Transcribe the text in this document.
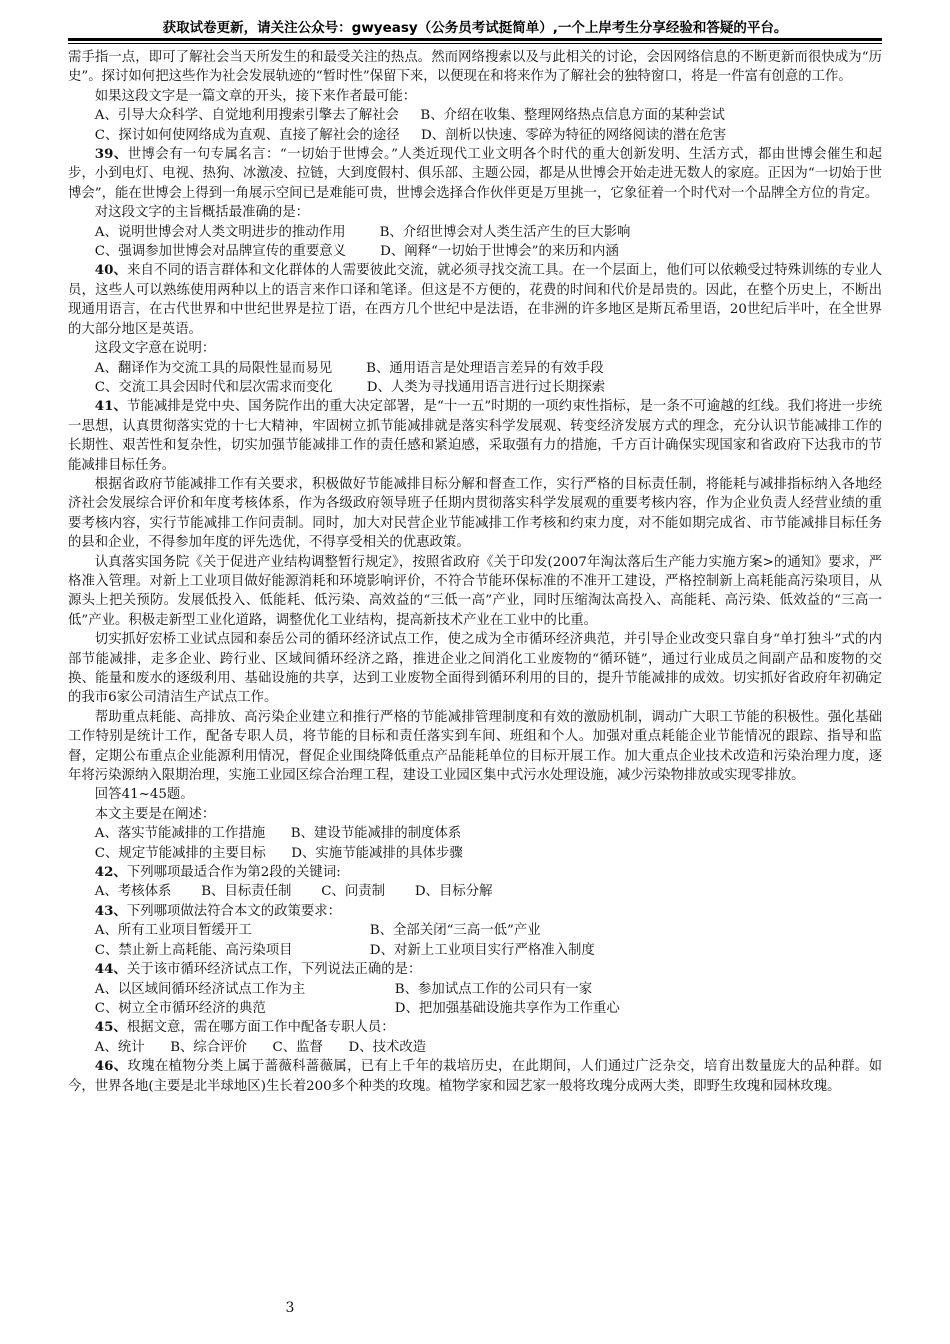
获取试卷更新，请关注公众号：gwyeasy（公务员考试挺简单）,一个上岸考生分享经验和答疑的平台。

需手指一点，即可了解社会当天所发生的和最受关注的热点。然而网络搜索以及与此相关的讨论，会因网络信息的不断更新而很快成为“历史”。探讨如何把这些作为社会发展轨迹的“暂时性”保留下来，以便现在和将来作为了解社会的独特窗口，将是一件富有创意的工作。

如果这段文字是一篇文章的开头，接下来作者最可能：

A、引导大众科学、自觉地利用搜索引擎去了解社会 B、介绍在收集、整理网络热点信息方面的某种尝试

C、探讨如何使网络成为直观、直接了解社会的途径 D、剖析以快速、零碎为特征的网络阅读的潜在危害

39、世博会有一句专属名言：“一切始于世博会。”人类近现代工业文明各个时代的重大创新发明、生活方式，都由世博会催生和起步，小到电灯、电视、热狗、冰激凌、拉链，大到度假村、俱乐部、主题公园，都是从世博会开始走进无数人的家庭。正因为“一切始于世博会”，能在世博会上得到一角展示空间已是难能可贵，世博会选择合作伙伴更是万里挑一，它象征着一个时代对一个品牌全方位的肯定。

对这段文字的主旨概括最准确的是：

A、说明世博会对人类文明进步的推动作用	B、介绍世博会对人类生活产生的巨大影响

C、强调参加世博会对品牌宣传的重要意义	D、阐释“一切始于世博会”的来历和内涵

40、来自不同的语言群体和文化群体的人需要彼此交流，就必须寻找交流工具。在一个层面上，他们可以依赖受过特殊训练的专业人员，这些人可以熟练使用两种以上的语言来作口译和笔译。但这是不方便的，花费的时间和代价是昂贵的。因此，在整个历史上，不断出现通用语言，在古代世界和中世纪世界是拉丁语，在西方几个世纪中是法语，在非洲的许多地区是斯瓦希里语，20世纪后半叶，在全世界的大部分地区是英语。

这段文字意在说明：

A、翻译作为交流工具的局限性显而易见	B、通用语言是处理语言差异的有效手段

C、交流工具会因时代和层次需求而变化	D、人类为寻找通用语言进行过长期探索

41、节能减排是党中央、国务院作出的重大决定部署，是“十一五”时期的一项约束性指标，是一条不可逾越的红线。我们将进一步统一思想，认真贯彻落实党的十七大精神，牢固树立抓节能减排就是落实科学发展观、转变经济发展方式的理念，充分认识节能减排工作的长期性、艰苦性和复杂性，切实加强节能减排工作的责任感和紧迫感，采取强有力的措施，千方百计确保实现国家和省政府下达我市的节能减排目标任务。

根据省政府节能减排工作有关要求，积极做好节能减排目标分解和督查工作，实行严格的目标责任制，将能耗与减排指标纳入各地经济社会发展综合评价和年度考核体系，作为各级政府领导班子任期内贯彻落实科学发展观的重要考核内容，作为企业负责人经营业绩的重要考核内容，实行节能减排工作问责制。同时，加大对民营企业节能减排工作考核和约束力度，对不能如期完成省、市节能减排目标任务的县和企业，不得参加年度的评先选优，不得享受相关的优惠政策。

认真落实国务院《关于促进产业结构调整暂行规定》，按照省政府《关于印发(2007年淘汰落后生产能力实施方案>的通知》要求，严格准入管理。对新上工业项目做好能源消耗和环境影响评价，不符合节能环保标准的不准开工建设，严格控制新上高耗能高污染项目，从源头上把关预防。发展低投入、低能耗、低污染、高效益的“三低一高”产业，同时压缩淘汰高投入、高能耗、高污染、低效益的“三高一低”产业。积极走新型工业化道路，调整优化工业结构，提高新技术产业在工业中的比重。

切实抓好宏桥工业试点园和泰岳公司的循环经济试点工作，使之成为全市循环经济典范，并引导企业改变只靠自身“单打独斗”式的内部节能减排，走多企业、跨行业、区域间循环经济之路，推进企业之间消化工业废物的“循环链”，通过行业成员之间副产品和废物的交换、能量和废水的逐级利用、基础设施的共享，达到工业废物全面得到循环利用的目的，提升节能减排的成效。切实抓好省政府年初确定的我市6家公司清洁生产试点工作。

帮助重点耗能、高排放、高污染企业建立和推行严格的节能减排管理制度和有效的激励机制，调动广大职工节能的积极性。强化基础工作特别是统计工作，配备专职人员，将节能的目标和责任落实到车间、班组和个人。加强对重点耗能企业节能情况的跟踪、指导和监督，定期公布重点企业能源利用情况，督促企业围绕降低重点产品能耗单位的目标开展工作。加大重点企业技术改造和污染治理力度，逐年将污染源纳入限期治理，实施工业园区综合治理工程，建设工业园区集中式污水处理设施，减少污染物排放或实现零排放。

回答41~45题。

本文主要是在阐述：

A、落实节能减排的工作措施 B、建设节能减排的制度体系

C、规定节能减排的主要目标 D、实施节能减排的具体步骤

42、下列哪项最适合作为第2段的关键词:

A、考核体系 B、目标责任制 C、问责制 D、目标分解

43、下列哪项做法符合本文的政策要求：

A、所有工业项目暂缓开工	B、全部关闭“三高一低”产业

C、禁止新上高耗能、高污染项目	D、对新上工业项目实行严格准入制度

44、关于该市循环经济试点工作，下列说法正确的是：

A、以区域间循环经济试点工作为主	B、参加试点工作的公司只有一家

C、树立全市循环经济的典范	D、把加强基础设施共享作为工作重心

45、根据文意，需在哪方面工作中配备专职人员：

A、统计 B、综合评价 C、监督 D、技术改造

46、玫瑰在植物分类上属于蔷薇科蔷薇属，已有上千年的栽培历史，在此期间，人们通过广泛杂交，培育出数量庞大的品种群。如今，世界各地(主要是北半球地区)生长着200多个种类的玫瑰。植物学家和园艺家一般将玫瑰分成两大类，即野生玫瑰和园林玫瑰。

3
